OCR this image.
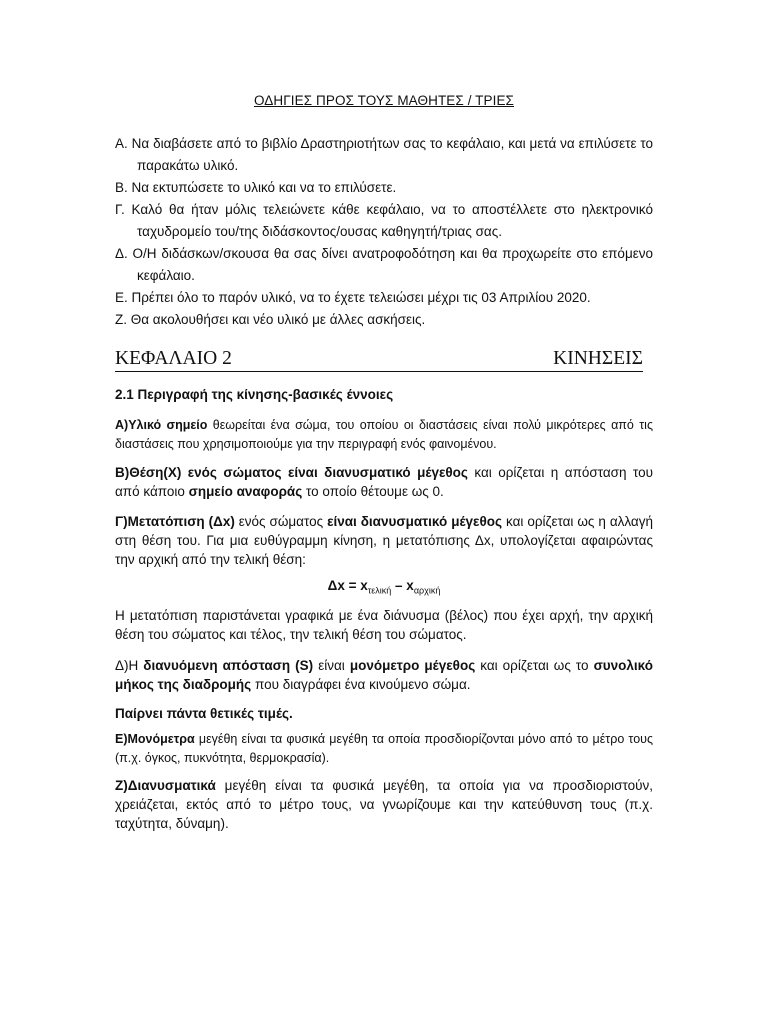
ΟΔΗΓΙΕΣ ΠΡΟΣ ΤΟΥΣ ΜΑΘΗΤΕΣ / ΤΡΙΕΣ
Α. Να διαβάσετε από το βιβλίο Δραστηριοτήτων σας το κεφάλαιο, και μετά να επιλύσετε το παρακάτω υλικό.
Β. Να εκτυπώσετε το υλικό και να το επιλύσετε.
Γ. Καλό θα ήταν μόλις τελειώνετε κάθε κεφάλαιο, να το αποστέλλετε στο ηλεκτρονικό ταχυδρομείο του/της διδάσκοντος/ουσας καθηγητή/τριας σας.
Δ. Ο/Η διδάσκων/σκουσα θα σας δίνει ανατροφοδότηση και θα προχωρείτε στο επόμενο κεφάλαιο.
Ε. Πρέπει όλο το παρόν υλικό, να το έχετε τελειώσει μέχρι τις 03 Απριλίου 2020.
Ζ. Θα ακολουθήσει και νέο υλικό με άλλες ασκήσεις.
ΚΕΦΑΛΑΙΟ 2	ΚΙΝΗΣΕΙΣ
2.1 Περιγραφή της κίνησης-βασικές έννοιες
Α)Υλικό σημείο θεωρείται ένα σώμα, του οποίου οι διαστάσεις είναι πολύ μικρότερες από τις διαστάσεις που χρησιμοποιούμε για την περιγραφή ενός φαινομένου.
Β)Θέση(Χ) ενός σώματος είναι διανυσματικό μέγεθος και ορίζεται η απόσταση του από κάποιο σημείο αναφοράς το οποίο θέτουμε ως 0.
Γ)Μετατόπιση (Δx) ενός σώματος είναι διανυσματικό μέγεθος και ορίζεται ως η αλλαγή στη θέση του. Για μια ευθύγραμμη κίνηση, η μετατόπισης Δx, υπολογίζεται αφαιρώντας την αρχική από την τελική θέση:
$\Delta x = x_{\tau\varepsilon\lambda\iota\kappa ή} - x_{\alpha\rho\chi\iota\kappa ή}$
Η μετατόπιση παριστάνεται γραφικά με ένα διάνυσμα (βέλος) που έχει αρχή, την αρχική θέση του σώματος και τέλος, την τελική θέση του σώματος.
Δ)Η διανυόμενη απόσταση (S) είναι μονόμετρο μέγεθος και ορίζεται ως το συνολικό μήκος της διαδρομής που διαγράφει ένα κινούμενο σώμα.
Παίρνει πάντα θετικές τιμές.
Ε)Μονόμετρα μεγέθη είναι τα φυσικά μεγέθη τα οποία προσδιορίζονται μόνο από το μέτρο τους (π.χ. όγκος, πυκνότητα, θερμοκρασία).
Ζ)Διανυσματικά μεγέθη είναι τα φυσικά μεγέθη, τα οποία για να προσδιοριστούν, χρειάζεται, εκτός από το μέτρο τους, να γνωρίζουμε και την κατεύθυνση τους (π.χ. ταχύτητα, δύναμη).
